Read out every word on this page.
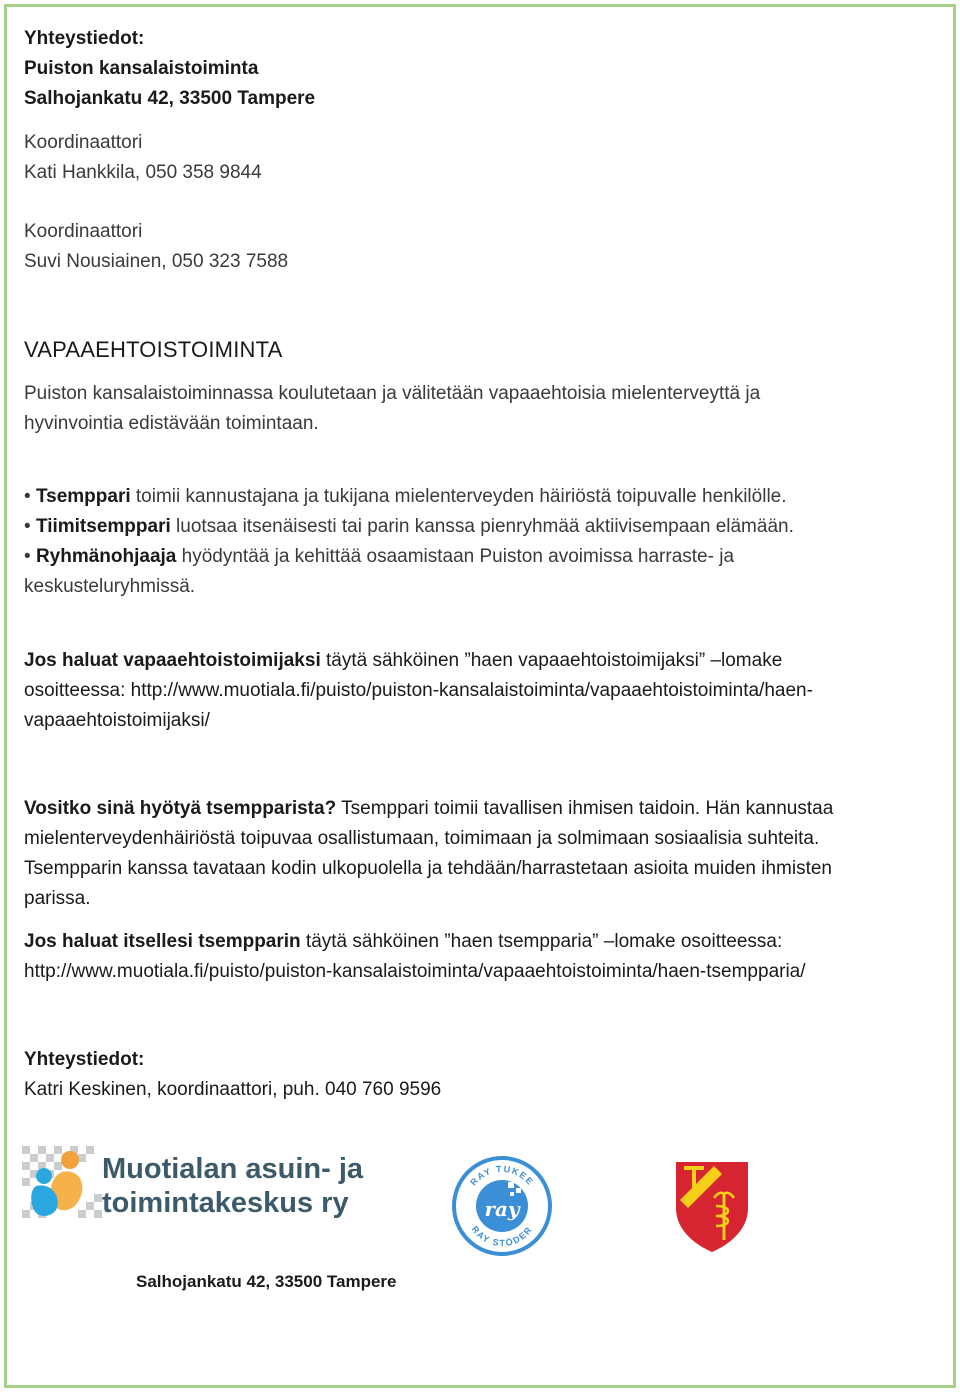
Yhteystiedot:
Puiston kansalaistoiminta
Salhojankatu 42, 33500 Tampere
Koordinaattori
Kati Hankkila, 050 358 9844
Koordinaattori
Suvi Nousiainen, 050 323 7588
VAPAAEHTOISTOIMINTA
Puiston kansalaistoiminnassa koulutetaan ja välitetään vapaaehtoisia mielenterveyttä ja
hyvinvointia edistävään toimintaan.
• Tsemppari toimii kannustajana ja tukijana mielenterveyden häiriöstä toipuvalle henkilölle.
• Tiimitsemppari luotsaa itsenäisesti tai parin kanssa pienryhmää aktiivisempaan elämään.
• Ryhmänohjaaja hyödyntää ja kehittää osaamistaan Puiston avoimissa harraste- ja
keskusteluryhmissä.
Jos haluat vapaaehtoistoimijaksi täytä sähköinen ”haen vapaaehtoistoimijaksi” –lomake
osoitteessa: http://www.muotiala.fi/puisto/puiston-kansalaistoiminta/vapaaehtoistoiminta/haen-
vapaaehtoistoimijaksi/
Vositko sinä hyötyä tsempparista? Tsemppari toimii tavallisen ihmisen taidoin. Hän kannustaa
mielenterveydenhäiriöstä toipuvaa osallistumaan, toimimaan ja solmimaan sosiaalisia suhteita.
Tsempparin kanssa tavataan kodin ulkopuolella ja tehdään/harrastetaan asioita muiden ihmisten
parissa.
Jos haluat itsellesi tsempparin täytä sähköinen ”haen tsempparia” –lomake osoitteessa:
http://www.muotiala.fi/puisto/puiston-kansalaistoiminta/vapaaehtoistoiminta/haen-tsempparia/
Yhteystiedot:
Katri Keskinen, koordinaattori, puh. 040 760 9596
Muotialan asuin- ja
toimintakeskus ry	ray
RAY TUKEE
RAY STÖDER
Salhojankatu 42, 33500 Tampere
